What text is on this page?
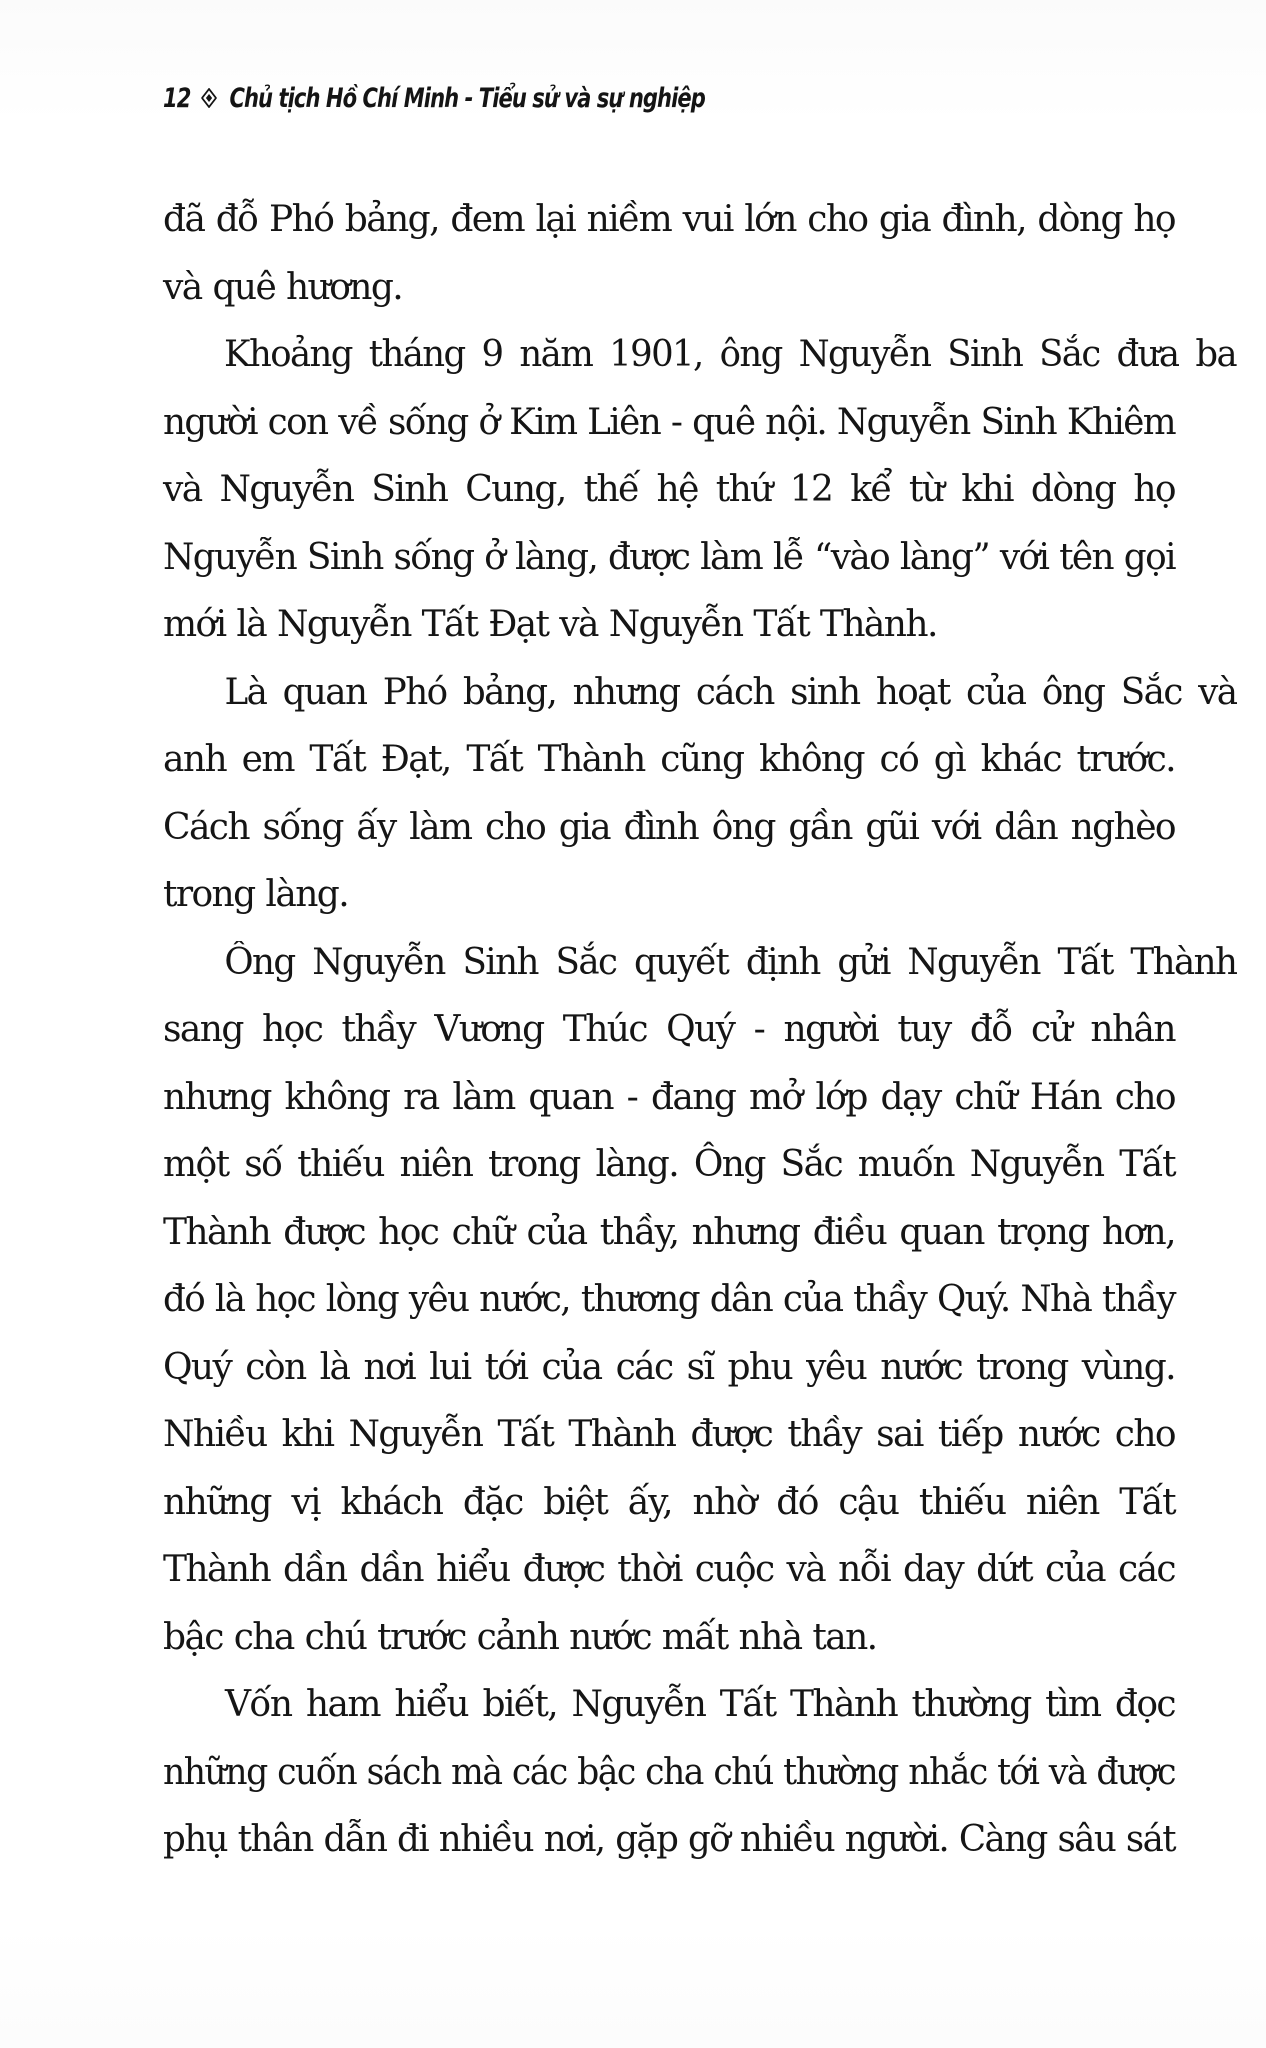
12 Chủ tịch Hồ Chí Minh - Tiểu sử và sự nghiệp
đã đỗ Phó bảng, đem lại niềm vui lớn cho gia đình, dòng họ
và quê hương.
Khoảng tháng 9 năm 1901, ông Nguyễn Sinh Sắc đưa ba
người con về sống ở Kim Liên - quê nội. Nguyễn Sinh Khiêm
và Nguyễn Sinh Cung, thế hệ thứ 12 kể từ khi dòng họ
Nguyễn Sinh sống ở làng, được làm lễ “vào làng” với tên gọi
mới là Nguyễn Tất Đạt và Nguyễn Tất Thành.
Là quan Phó bảng, nhưng cách sinh hoạt của ông Sắc và
anh em Tất Đạt, Tất Thành cũng không có gì khác trước.
Cách sống ấy làm cho gia đình ông gần gũi với dân nghèo
trong làng.
Ông Nguyễn Sinh Sắc quyết định gửi Nguyễn Tất Thành
sang học thầy Vương Thúc Quý - người tuy đỗ cử nhân
nhưng không ra làm quan - đang mở lớp dạy chữ Hán cho
một số thiếu niên trong làng. Ông Sắc muốn Nguyễn Tất
Thành được học chữ của thầy, nhưng điều quan trọng hơn,
đó là học lòng yêu nước, thương dân của thầy Quý. Nhà thầy
Quý còn là nơi lui tới của các sĩ phu yêu nước trong vùng.
Nhiều khi Nguyễn Tất Thành được thầy sai tiếp nước cho
những vị khách đặc biệt ấy, nhờ đó cậu thiếu niên Tất
Thành dần dần hiểu được thời cuộc và nỗi day dứt của các
bậc cha chú trước cảnh nước mất nhà tan.
Vốn ham hiểu biết, Nguyễn Tất Thành thường tìm đọc
những cuốn sách mà các bậc cha chú thường nhắc tới và được
phụ thân dẫn đi nhiều nơi, gặp gỡ nhiều người. Càng sâu sát
